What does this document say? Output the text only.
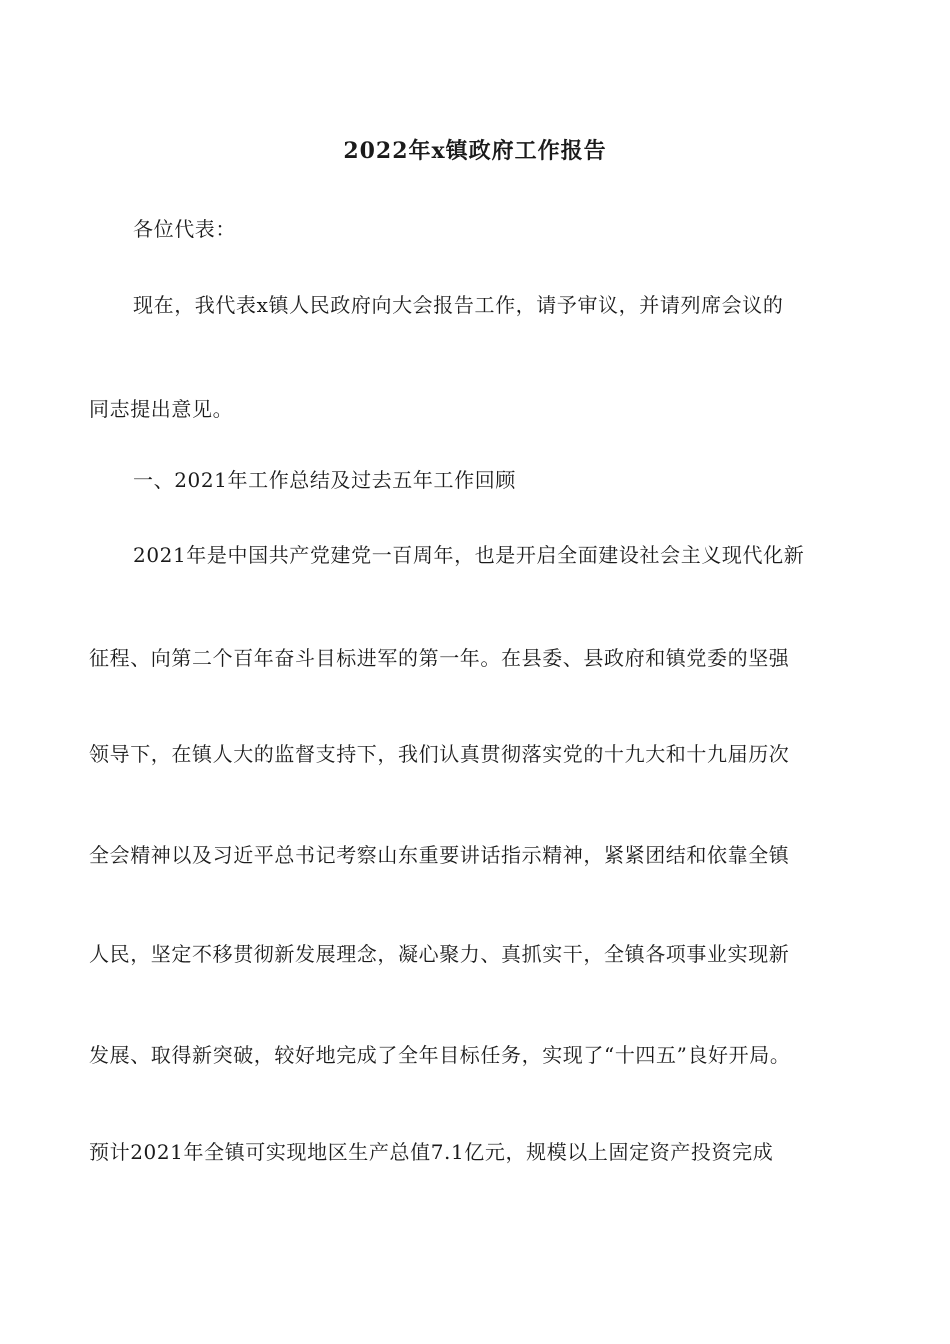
2022年x镇政府工作报告

各位代表：

现在，我代表x镇人民政府向大会报告工作，请予审议，并请列席会议的

同志提出意见。

一、2021年工作总结及过去五年工作回顾

2021年是中国共产党建党一百周年，也是开启全面建设社会主义现代化新

征程、向第二个百年奋斗目标进军的第一年。在县委、县政府和镇党委的坚强

领导下，在镇人大的监督支持下，我们认真贯彻落实党的十九大和十九届历次

全会精神以及习近平总书记考察山东重要讲话指示精神，紧紧团结和依靠全镇

人民，坚定不移贯彻新发展理念，凝心聚力、真抓实干，全镇各项事业实现新

发展、取得新突破，较好地完成了全年目标任务，实现了“十四五”良好开局。

预计2021年全镇可实现地区生产总值7.1亿元，规模以上固定资产投资完成
